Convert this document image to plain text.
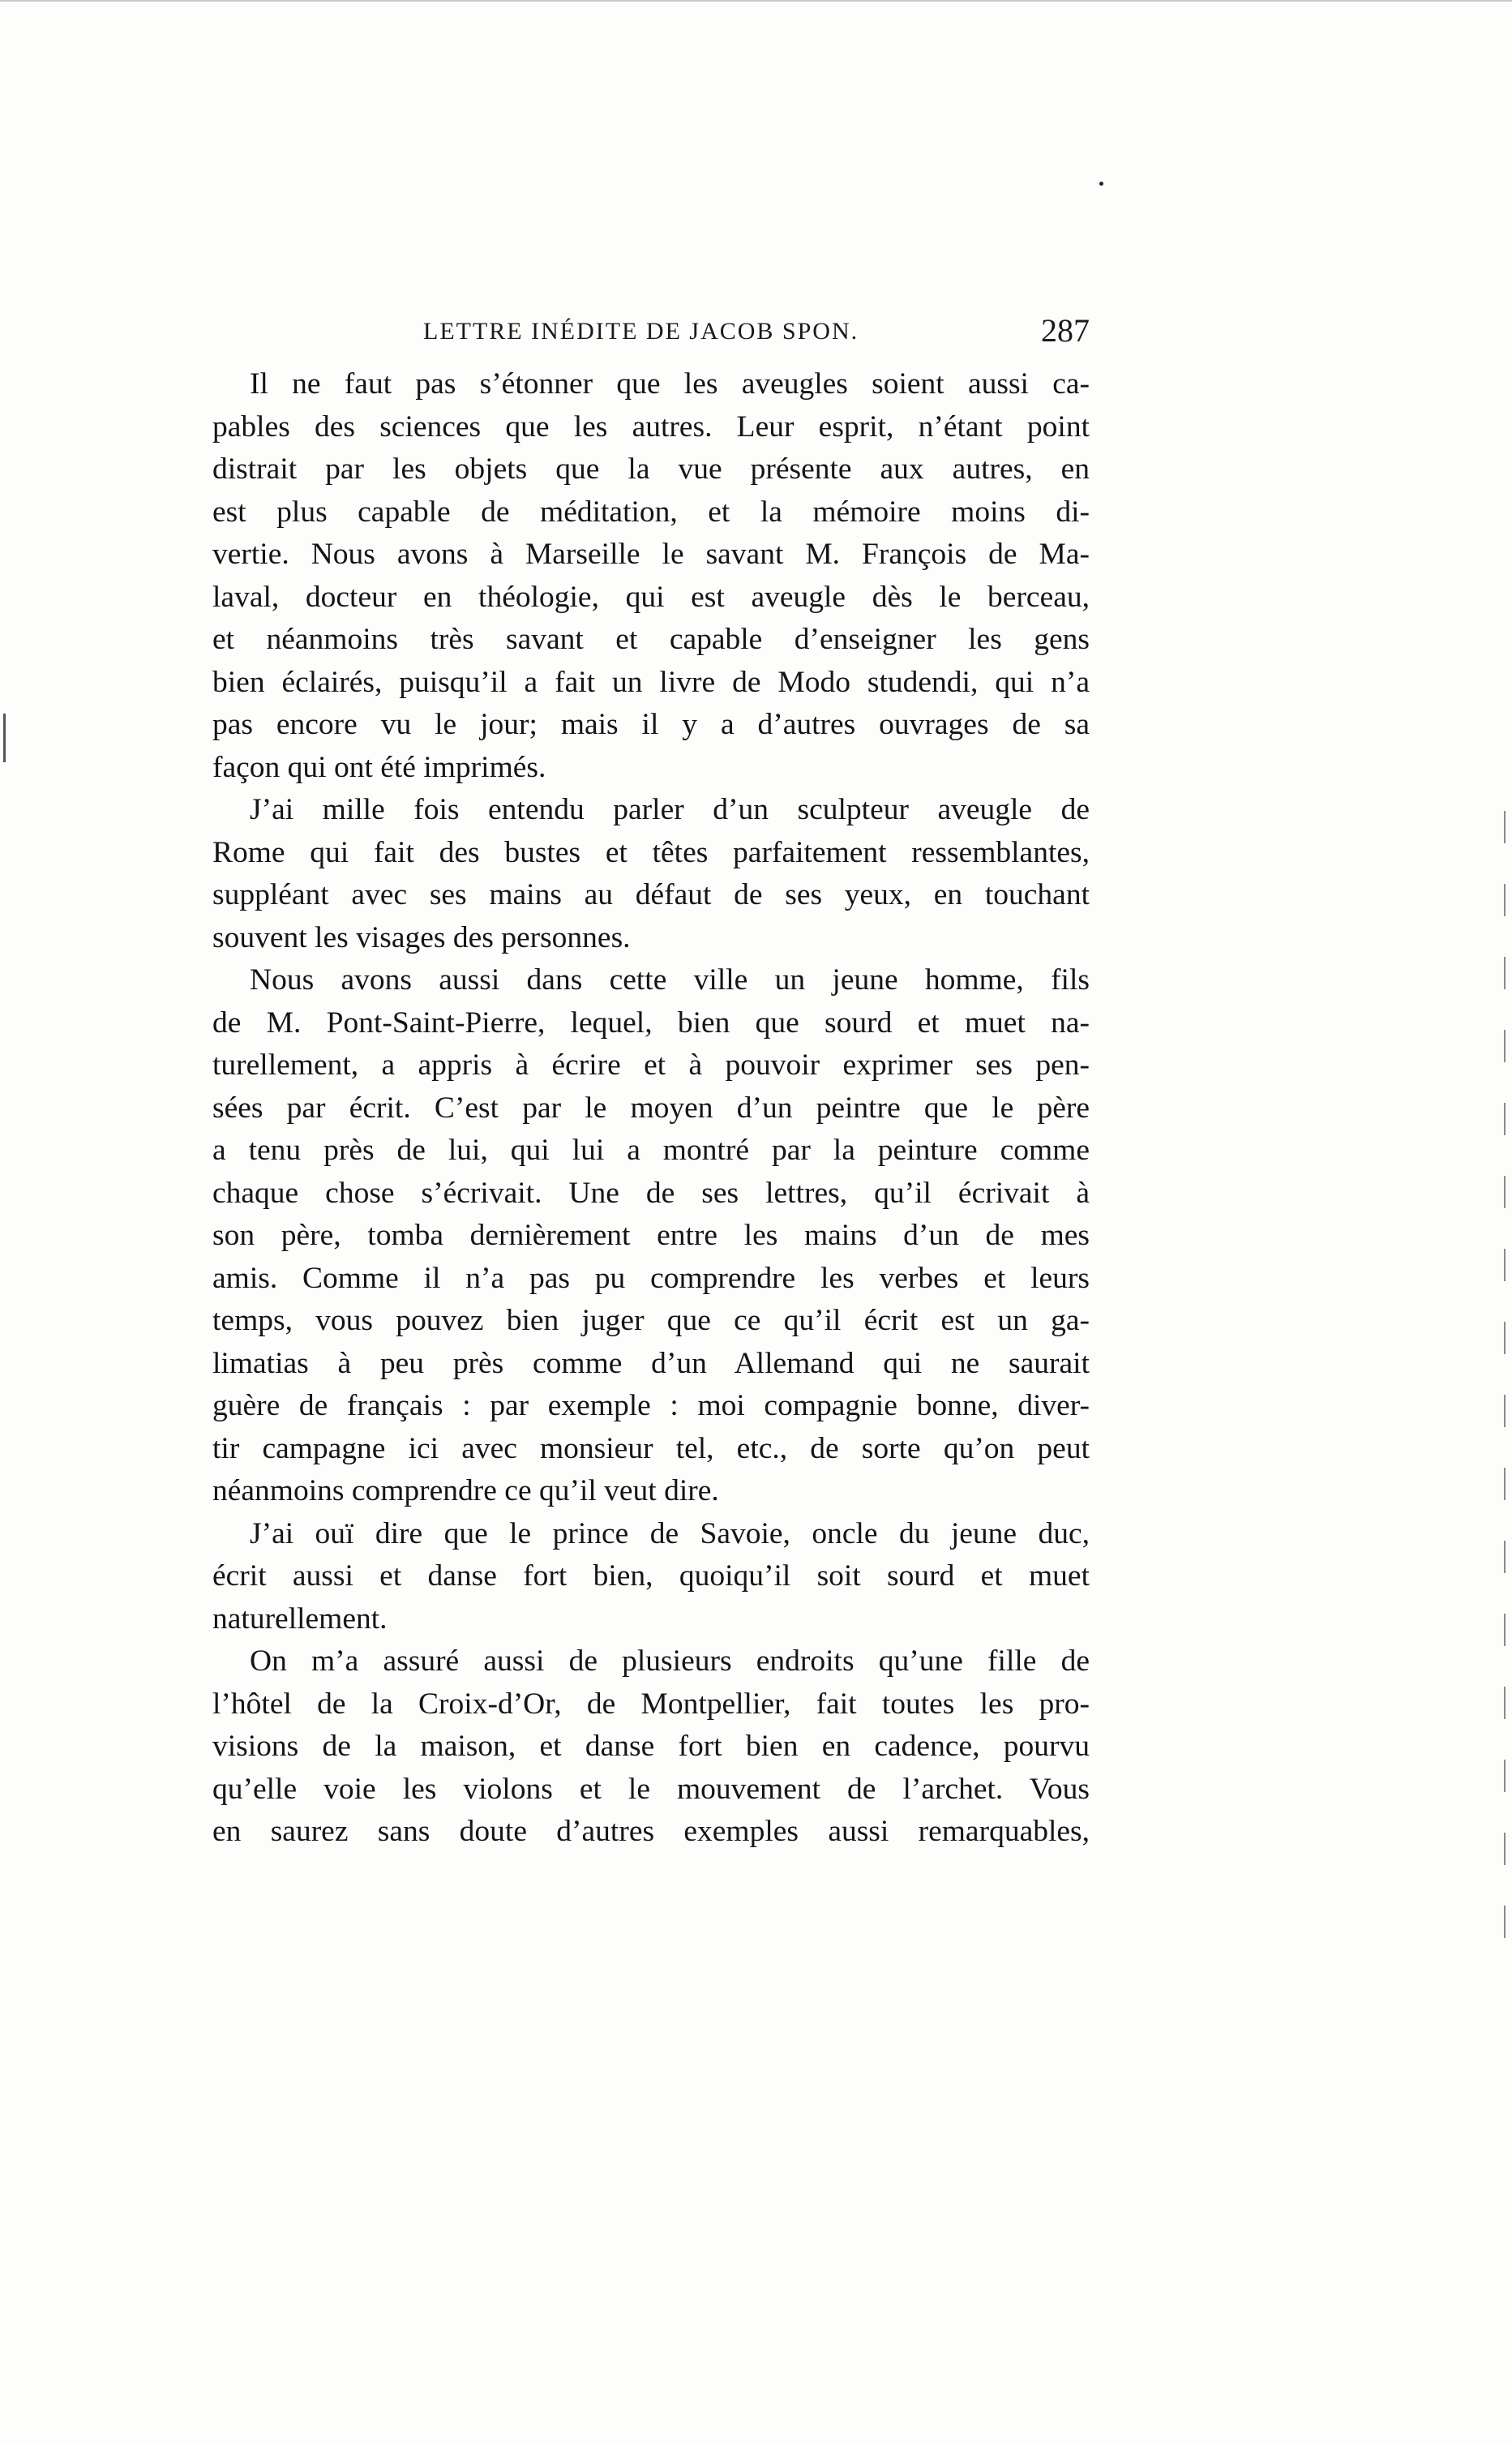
LETTRE INÉDITE DE JACOB SPON.	287
Il ne faut pas s’étonner que les aveugles soient aussi ca-
pables des sciences que les autres. Leur esprit, n’étant point
distrait par les objets que la vue présente aux autres, en
est plus capable de méditation, et la mémoire moins di-
vertie. Nous avons à Marseille le savant M. François de Ma-
laval, docteur en théologie, qui est aveugle dès le berceau,
et néanmoins très savant et capable d’enseigner les gens
bien éclairés, puisqu’il a fait un livre de Modo studendi, qui n’a
pas encore vu le jour; mais il y a d’autres ouvrages de sa
façon qui ont été imprimés.
J’ai mille fois entendu parler d’un sculpteur aveugle de
Rome qui fait des bustes et têtes parfaitement ressemblantes,
suppléant avec ses mains au défaut de ses yeux, en touchant
souvent les visages des personnes.
Nous avons aussi dans cette ville un jeune homme, fils
de M. Pont-Saint-Pierre, lequel, bien que sourd et muet na-
turellement, a appris à écrire et à pouvoir exprimer ses pen-
sées par écrit. C’est par le moyen d’un peintre que le père
a tenu près de lui, qui lui a montré par la peinture comme
chaque chose s’écrivait. Une de ses lettres, qu’il écrivait à
son père, tomba dernièrement entre les mains d’un de mes
amis. Comme il n’a pas pu comprendre les verbes et leurs
temps, vous pouvez bien juger que ce qu’il écrit est un ga-
limatias à peu près comme d’un Allemand qui ne saurait
guère de français : par exemple : moi compagnie bonne, diver-
tir campagne ici avec monsieur tel, etc., de sorte qu’on peut
néanmoins comprendre ce qu’il veut dire.
J’ai ouï dire que le prince de Savoie, oncle du jeune duc,
écrit aussi et danse fort bien, quoiqu’il soit sourd et muet
naturellement.
On m’a assuré aussi de plusieurs endroits qu’une fille de
l’hôtel de la Croix-d’Or, de Montpellier, fait toutes les pro-
visions de la maison, et danse fort bien en cadence, pourvu
qu’elle voie les violons et le mouvement de l’archet. Vous
en saurez sans doute d’autres exemples aussi remarquables,
